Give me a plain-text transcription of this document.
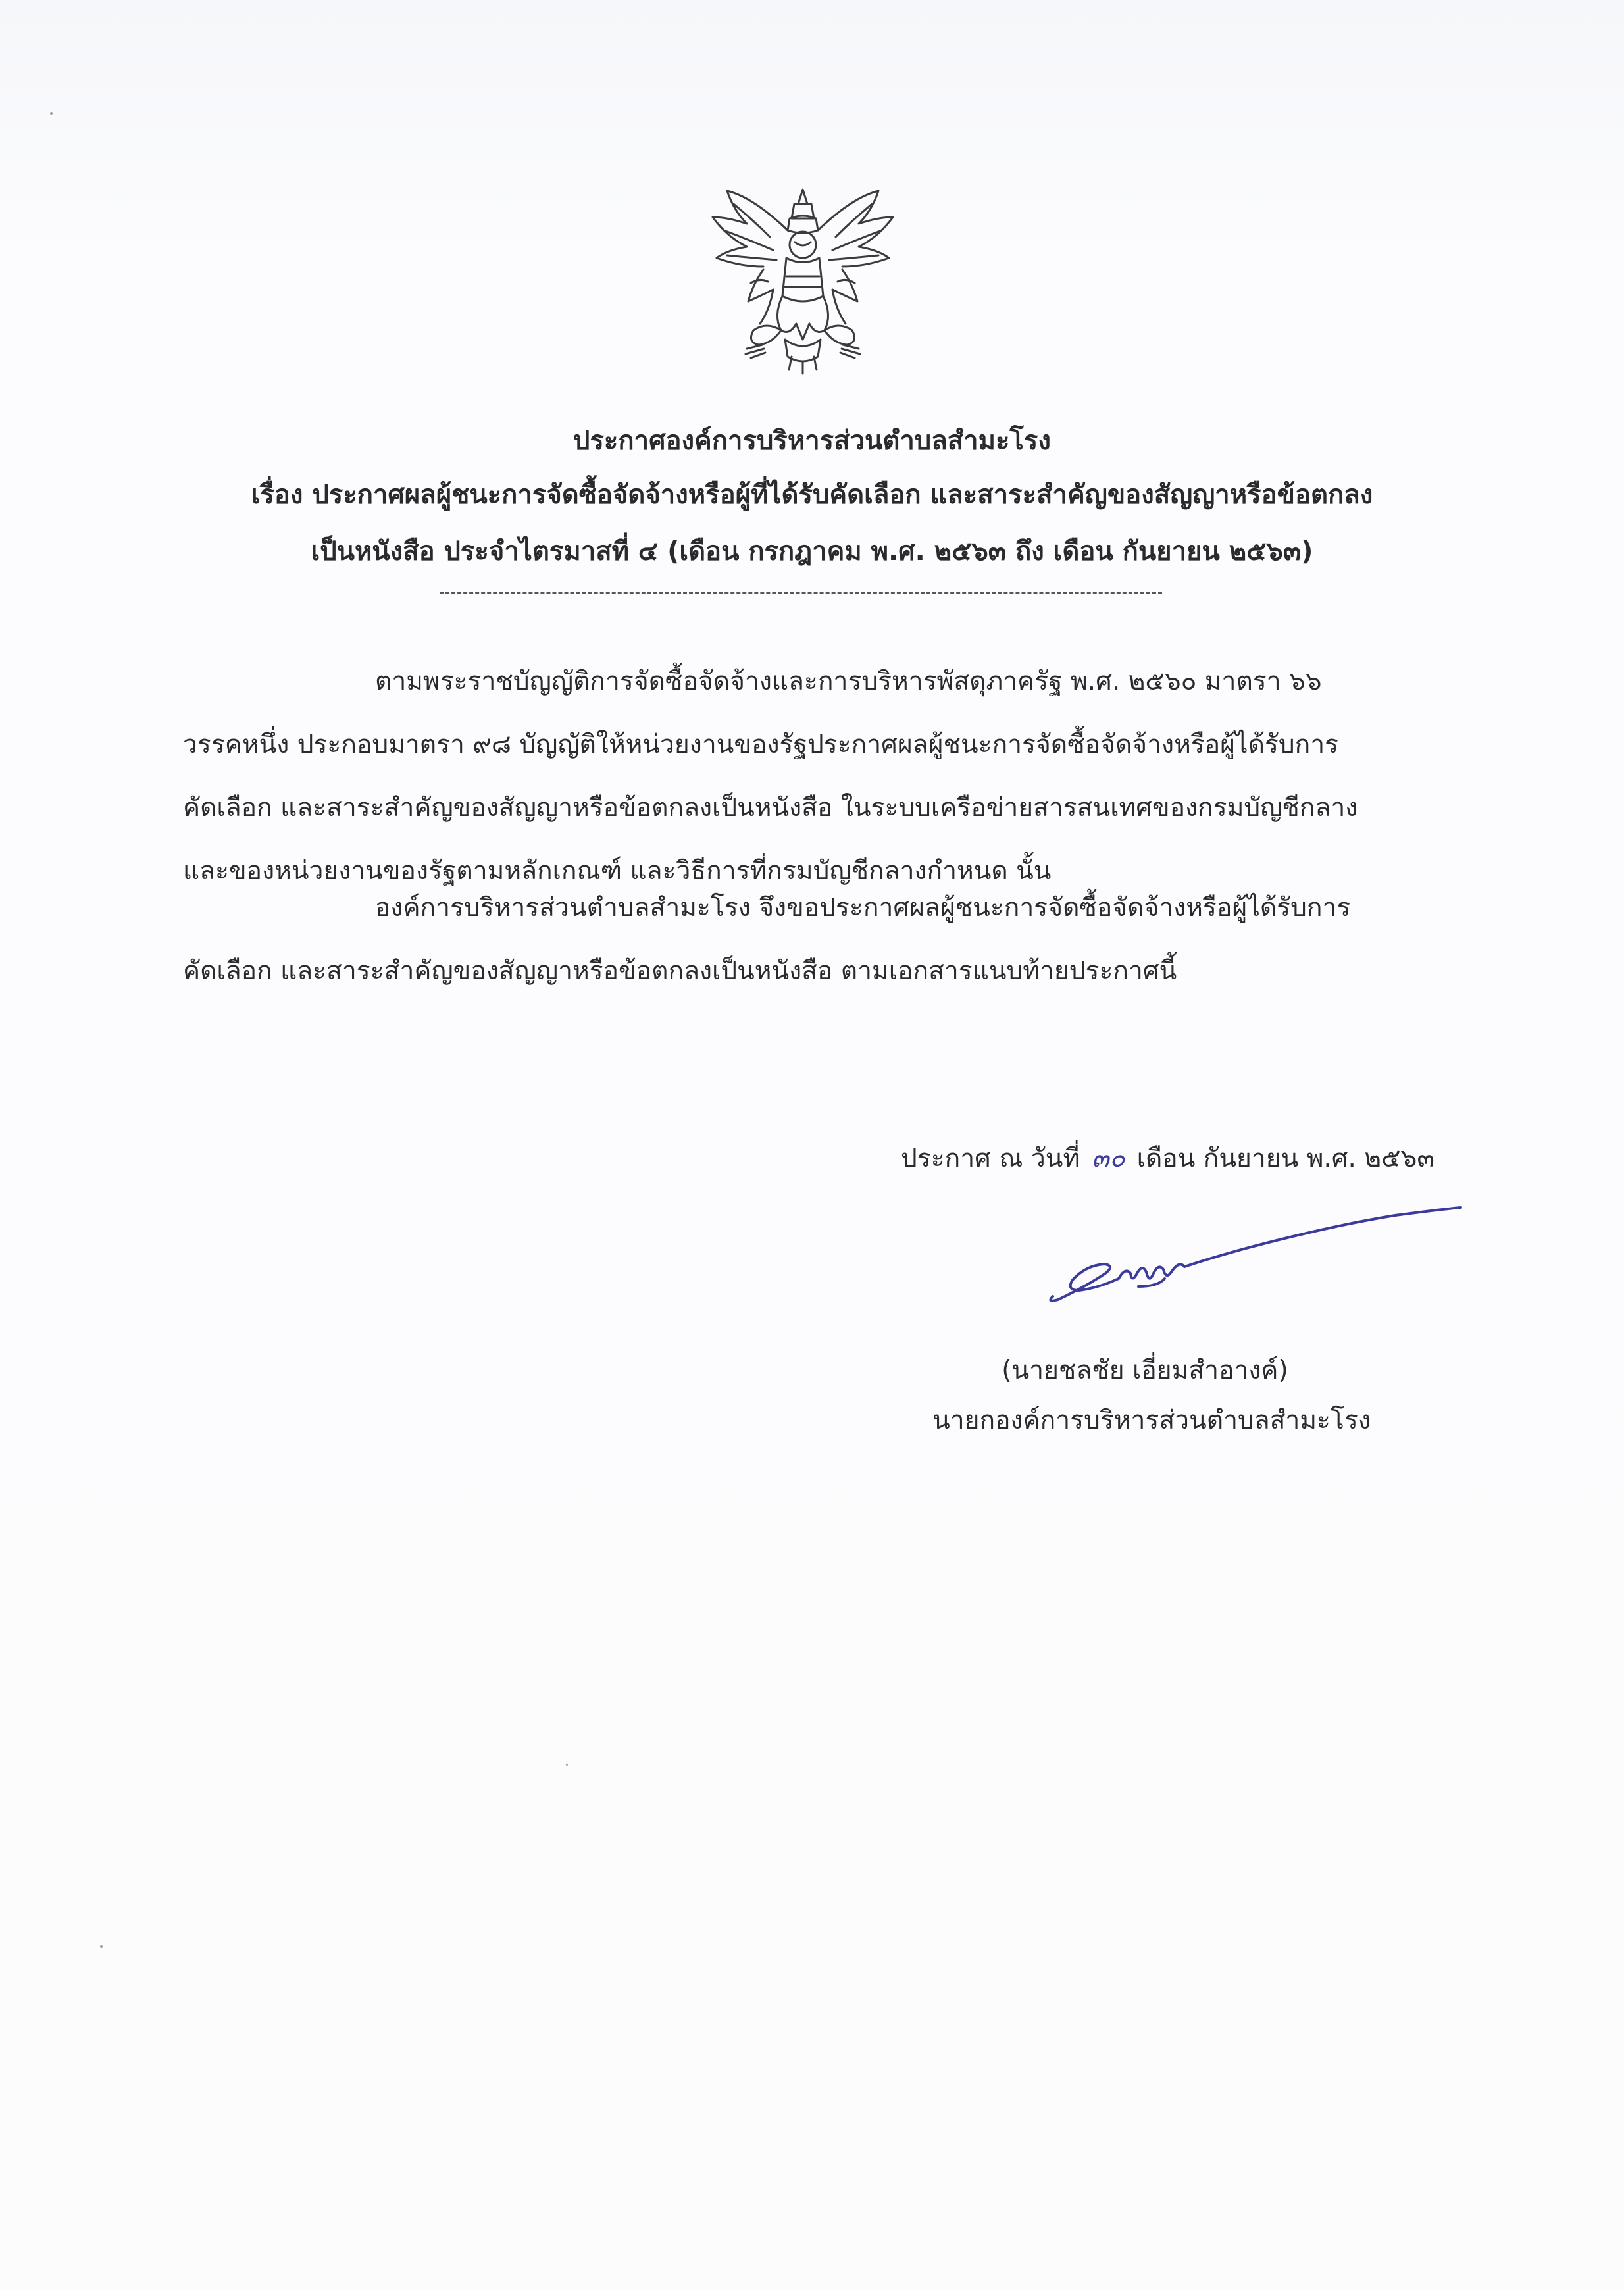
ประกาศองค์การบริหารส่วนตำบลสำมะโรง
เรื่อง ประกาศผลผู้ชนะการจัดซื้อจัดจ้างหรือผู้ที่ได้รับคัดเลือก และสาระสำคัญของสัญญาหรือข้อตกลง
เป็นหนังสือ ประจำไตรมาสที่ ๔ (เดือน กรกฎาคม พ.ศ. ๒๕๖๓ ถึง เดือน กันยายน ๒๕๖๓)
ตามพระราชบัญญัติการจัดซื้อจัดจ้างและการบริหารพัสดุภาครัฐ พ.ศ. ๒๕๖๐ มาตรา ๖๖
วรรคหนึ่ง ประกอบมาตรา ๙๘ บัญญัติให้หน่วยงานของรัฐประกาศผลผู้ชนะการจัดซื้อจัดจ้างหรือผู้ได้รับการ
คัดเลือก และสาระสำคัญของสัญญาหรือข้อตกลงเป็นหนังสือ ในระบบเครือข่ายสารสนเทศของกรมบัญชีกลาง
และของหน่วยงานของรัฐตามหลักเกณฑ์ และวิธีการที่กรมบัญชีกลางกำหนด นั้น
องค์การบริหารส่วนตำบลสำมะโรง จึงขอประกาศผลผู้ชนะการจัดซื้อจัดจ้างหรือผู้ได้รับการ
คัดเลือก และสาระสำคัญของสัญญาหรือข้อตกลงเป็นหนังสือ ตามเอกสารแนบท้ายประกาศนี้
ประกาศ ณ วันที่ ๓๐ เดือน กันยายน พ.ศ. ๒๕๖๓
(นายชลชัย เอี่ยมสำอางค์)
นายกองค์การบริหารส่วนตำบลสำมะโรง
